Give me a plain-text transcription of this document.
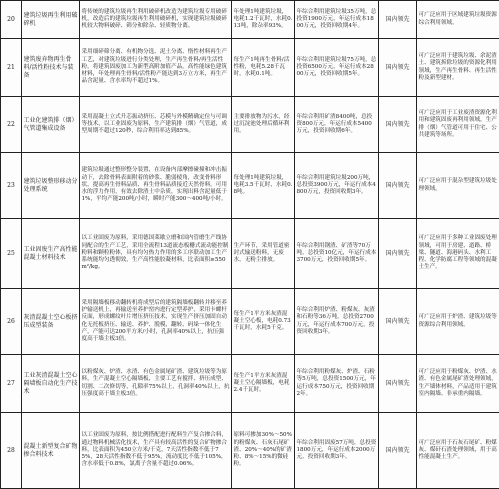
20	建筑垃圾再生利用破碎机	将传统的建筑垃圾再生利用破碎机改造为建筑垃圾专用破碎机，改造后的建筑垃圾再生利用破碎机，实现建筑垃圾破碎机较大物料破碎、筛分和除杂、轻质物分离。	年处理1吨建筑垃圾，电耗1.2千瓦时，水耗0.13吨，除杂率93%。	年综合利用建筑垃圾35万吨，总投资1900万元，年运行成本1800万元，投资回收期4年。	国内领先	可广泛应用于区域建筑垃圾资源综合利用领域。
21	建筑废弃物再生骨料/活性粉技术与装备	采用细碎筛分离、有机物分选、泥土分离、惰性材料再生产工艺，对建筑垃圾进行分类处理，生产再生骨料/再生活性粉，将建筑固废加工为新型高附加值产品。高性能绿色建筑材料，年处理再生骨料/活性粉产能达到3万立方米，再生产品含泥量、含水率均不超过1%。	每生产1吨再生骨料/活性粉，电耗5.28千瓦时，水耗0.1吨。	年综合利用建筑垃圾75万吨，总投资6500万元，年运行成本2800万元，投资回收期5年。	国内领先	可广泛应用于建筑垃圾、余泥渣土、建筑拆除垃圾的资源化利用领域，生产再生骨料、再生活性粉及新型建材。
22	工业化建筑排（烟）气管道集成设备	采用混凝土立式升芯振动挤压、芯模与外模精确定位与可调等技术，以工业固废为原料，生产建筑排（烟）气管道，成型周期不超过120秒，综合利用率达到85%。	主要排放物为污水，经过沉淀池处理后循环利用。	年综合利用矿渣8400吨，总投资800万元，年运行成本5400万元，投资回收期6年。	国内领先	可广泛应用于工业废渣资源化利用和建筑固废再利用领域，生产排（烟）气管道可用于住宅、公共建筑等场所。
23	建筑垃圾整形移动分处理系统	建筑垃圾通过整形整分装置，在设备内部摩擦碰撞和冲击振动下，去除骨料表面附着的砂浆、脆弱棱角，改变骨料形状，提高再生骨料品质、再生骨料品质接近天然骨料。可用水的浮力作用，有效去除渣土中杂质，实现出料含泥量低于1%，平均产能200吨/小时，瞬时产能300～400吨/小时。	每处理1吨建筑垃圾，电耗3.5千瓦时，水耗0.8吨。	年综合利用建筑垃圾200万吨，总投资3900万元，年运行成本4800万元，投资回收期3年。	国内领先	可广泛应用于混杂型建筑垃圾处理领域。
25	工业固废生产高性能混凝土材料技术	以工业固废为原料，采用德国莱歇立磨和国内管磨生产线协同配合的生产工艺，采用全流程13道流态板栅式流动能控制粉料和颗粒粉体，具有均匀热力作用的多工序联动加工生产系统能均匀透彻效，生产高性能胶凝材料，比表面积≥550m²/kg。	生产环节，采用管道密封式输送粉料，无废水，无粉尘排放。	年综合利用钢渣、矿渣等70万吨，总投资10亿元，年运行成本3700万元，投资回收期5年。	国内领先	可广泛应用于多种工业固废处理领域，可用于房建、道路、桥梁、隧道、海港码头、水利工程、化学防腐工程等领域的混凝土生产。
26	灰渣混凝土空心板挤压成型装备	采用隔墙板移动翻转机将成型后的建筑隔墙板翻转并移至养护输送机上，再输送至养护窑内进行定型养护，采用卡螺杆反面，形成螺纹叶片增压挤压技术，实现生产挤压加固自动化无托板挤压、输送、养护、脱模、翻转、码垛一体化生产，产能可达200平方米/小时，孔洞率40%以上，抗压强度高于墙主板3倍。	每生产1平方米灰渣混凝土空心板，电耗0.73千瓦时，水耗5千克。	年综合利用炉渣、粉煤灰、灰渣和石粉等36万吨，总投资2700万元，年运行成本700万元，投资回收期3年。	国内领先	可广泛应用于炉渣、建筑垃圾等资源综合利用领域。
27	工业灰渣混凝土空心隔墙板自动化生产技术	以粉煤灰、炉渣、水渣、有色金属尾矿渣、建筑垃圾等为原料，生产混凝土空心隔墙板，主要工艺有搅拌、挤压成型、切割、二次修切等，孔隙率75%以上，孔洞率40%以上，抗压强度高于墙主板3倍。	每生产1平方米灰渣混凝土空心隔墙板，电耗2.4千瓦时。	年综合利用粉煤灰、炉渣、石粉等5万吨，总投资1500万元，年运行成本750万元，投资回收期2年。	国内领先	可广泛应用于粉煤灰、炉渣、水渣、有色金属尾矿渣处理领域，生产墙体材料，产品适用于建筑室内隔墙、非承重内隔墙。
28	混凝土新型复合矿物掺合料技术	以工业固废为原料，按比例搭配进行配料生产复合掺合料，通过物料机械活化技术，生产具有较高活性的复合矿物掺合料，比表面积为450立方米/千克，7天活性指数不低于75%，28天活性指数不低于95%，流动度比不低于105%，含水率低于0.8%，氯离子含量不超过0.06%。	原料可掺加30%～50%的粉煤灰、石灰石尾矿渣、20%～40%的矿渣粉、8%～15%的微硅粉。	年综合利用固废57万吨，总投资1800万元，年运行成本2000万元，投资回收期3年。	国内领先	可广泛应用于石灰石尾矿、粉煤灰、煤矸石渣处理领域，用于高性能混凝土生产。
